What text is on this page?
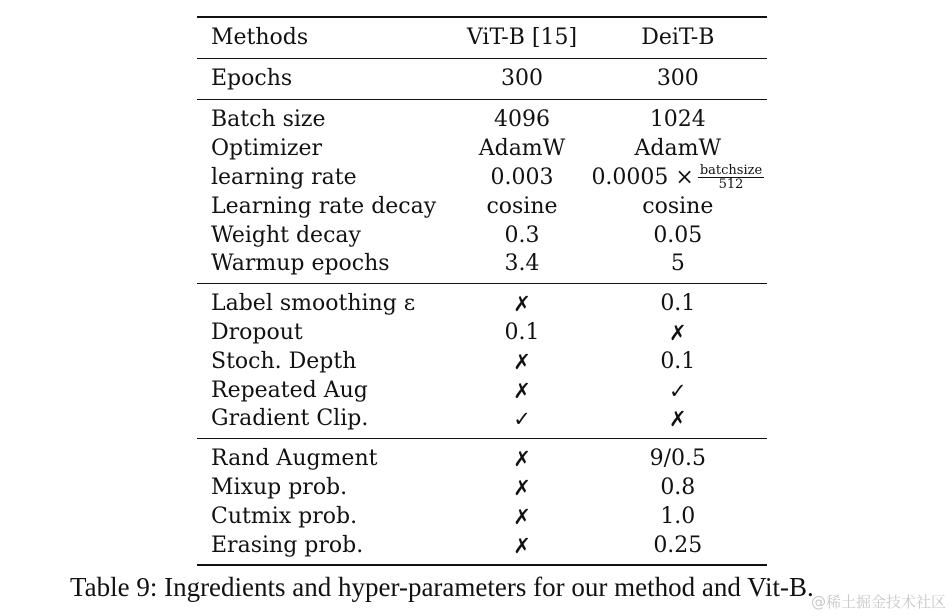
Methods	ViT-B [15]	DeiT-B
Epochs	300	300
Batch size	4096	1024
Optimizer	AdamW	AdamW
learning rate	0.003	$0.0005 \times \frac{\text{batchsize}}{512}$

Learning rate decay	cosine	cosine
Weight decay	0.3	0.05
Warmup epochs	3.4	5
Label smoothing ε	✗	0.1
Dropout	0.1	✗
Stoch. Depth	✗	0.1
Repeated Aug	✗	✓
Gradient Clip.	✓	✗
Rand Augment	✗	9/0.5
Mixup prob.	✗	0.8
Cutmix prob.	✗	1.0
Erasing prob.	✗	0.25
Table 9: Ingredients and hyper-parameters for our method and Vit-B.
@稀土掘金技术社区
